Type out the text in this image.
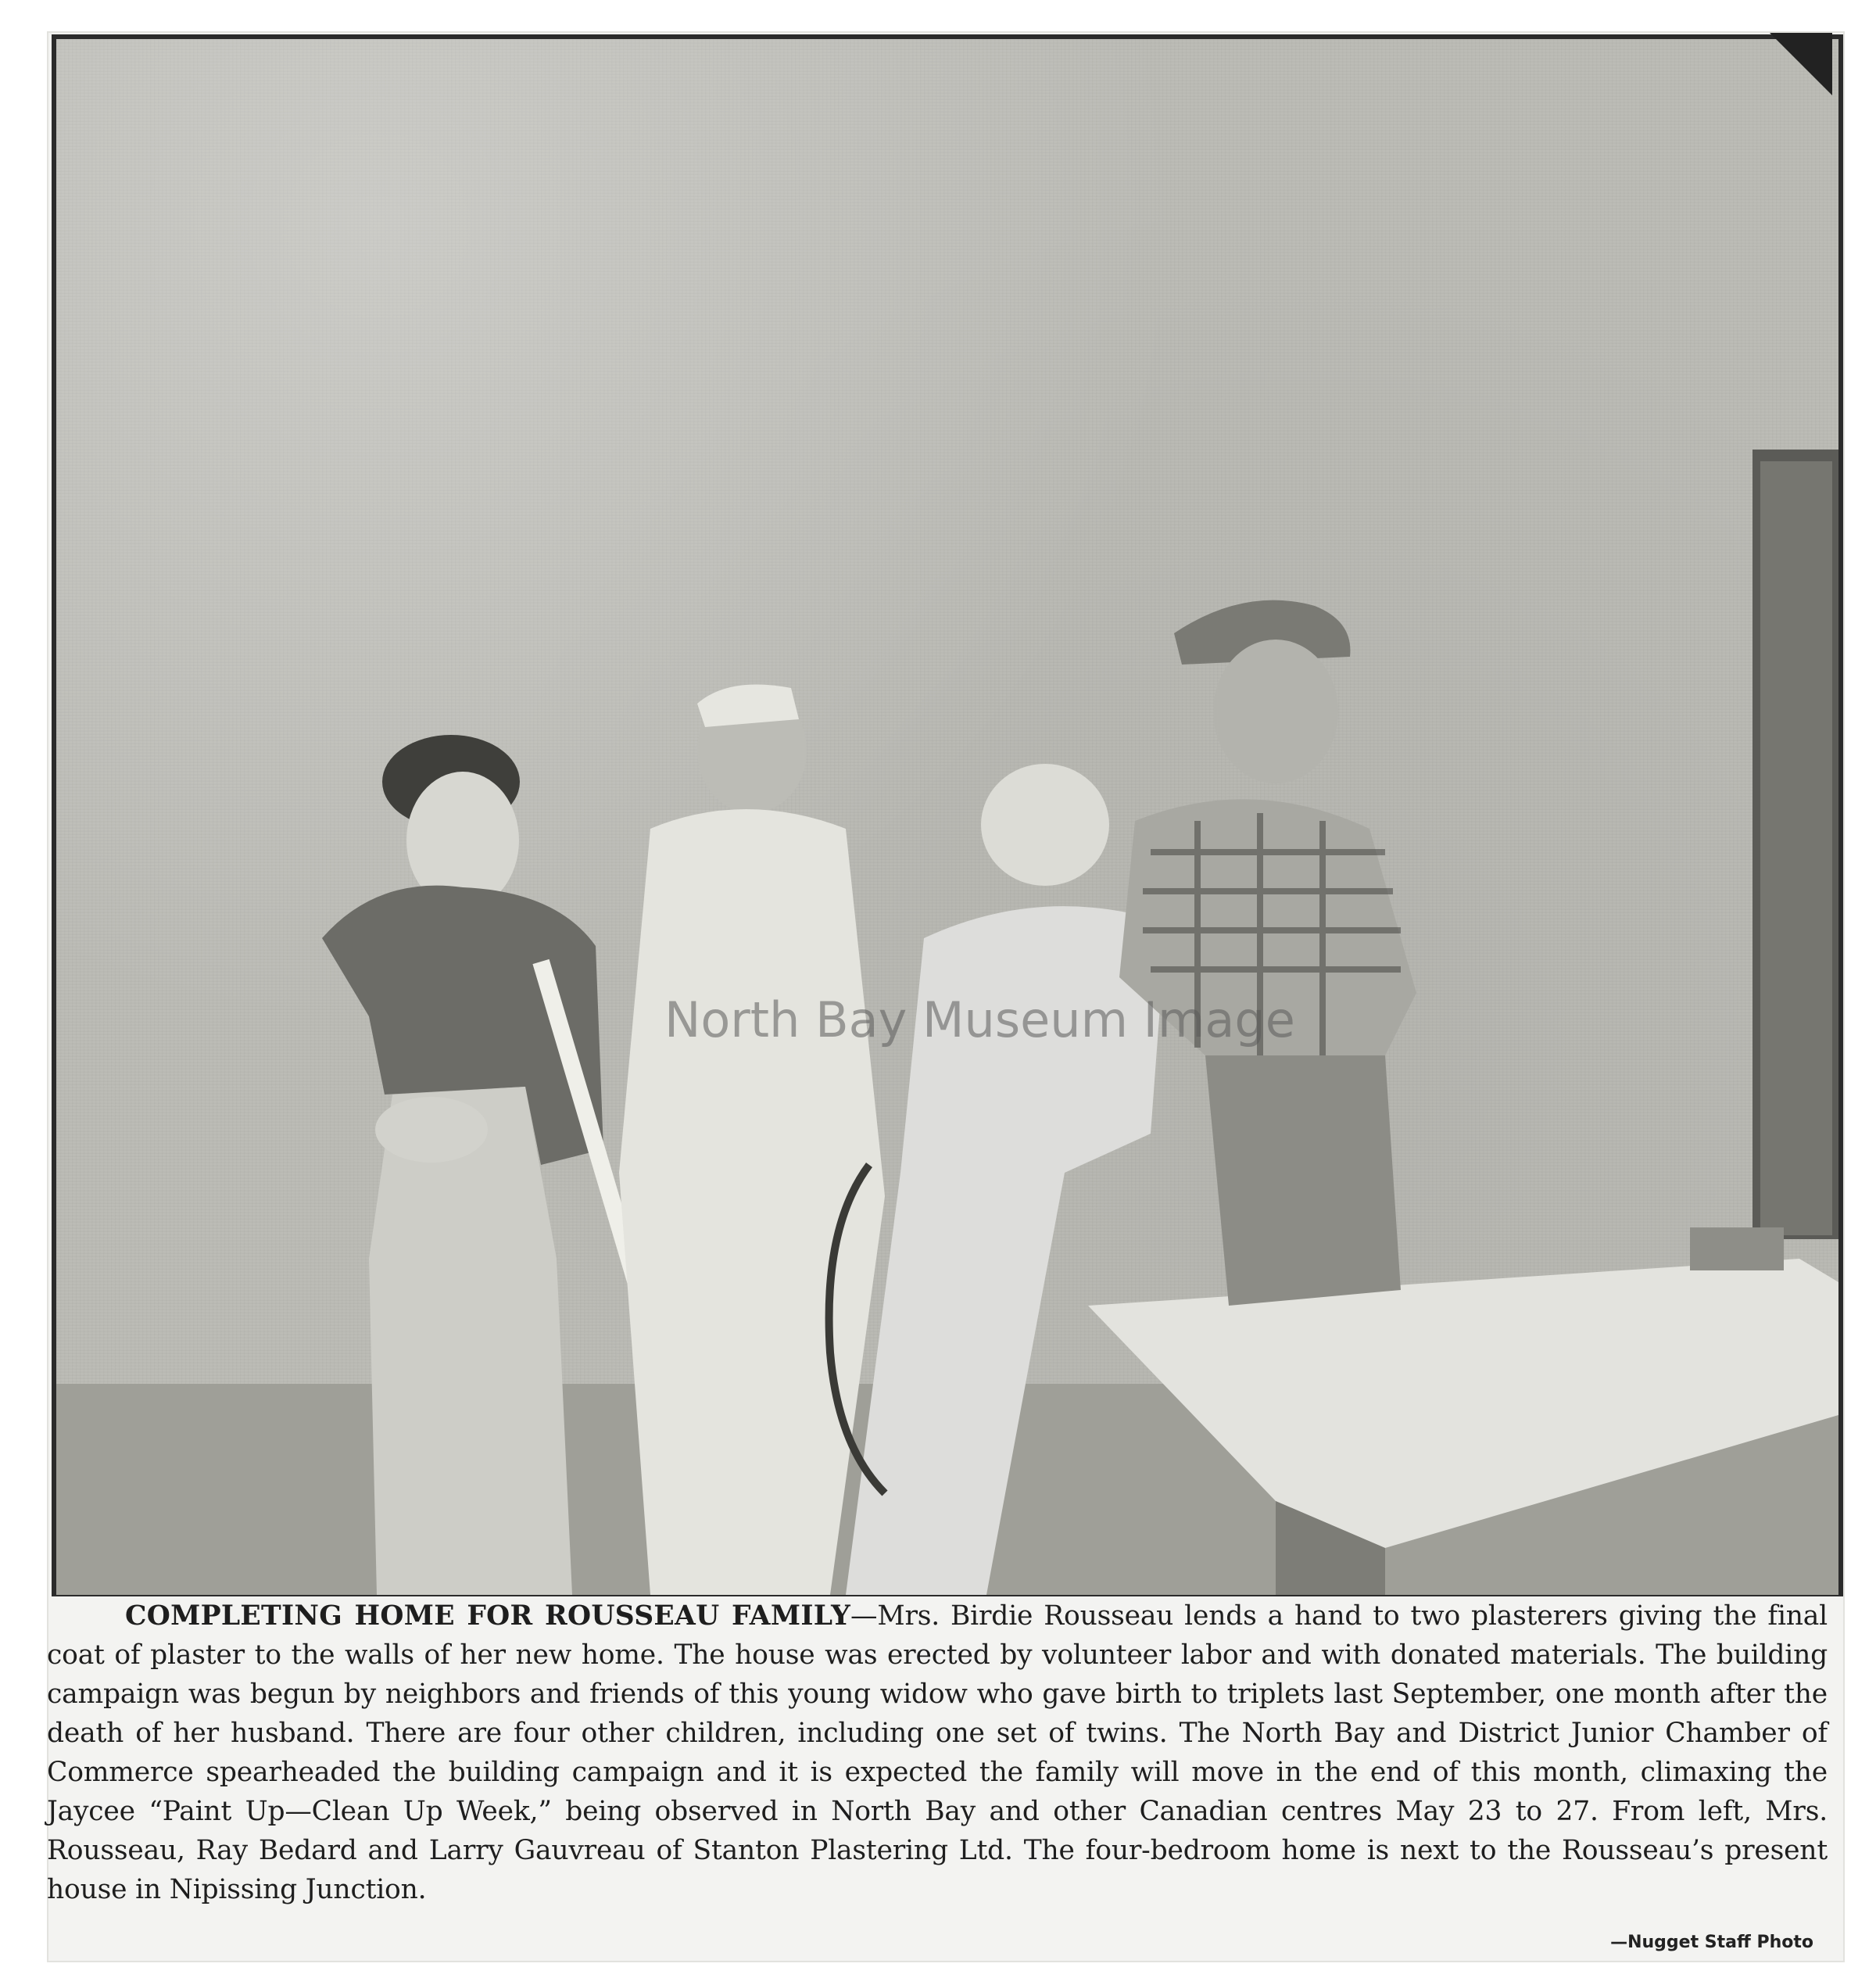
North Bay Museum Image
COMPLETING HOME FOR ROUSSEAU FAMILY—Mrs. Birdie Rousseau lends a hand to two plasterers giving the final coat of plaster to the walls of her new home. The house was erected by volunteer labor and with donated materials. The building campaign was begun by neighbors and friends of this young widow who gave birth to triplets last September, one month after the death of her husband. There are four other children, including one set of twins. The North Bay and District Junior Chamber of Commerce spearheaded the building campaign and it is expected the family will move in the end of this month, climaxing the Jaycee “Paint Up—Clean Up Week,” being observed in North Bay and other Canadian centres May 23 to 27. From left, Mrs. Rousseau, Ray Bedard and Larry Gauvreau of Stanton Plastering Ltd. The four-bedroom home is next to the Rousseau’s present house in Nipissing Junction.
—Nugget Staff Photo
